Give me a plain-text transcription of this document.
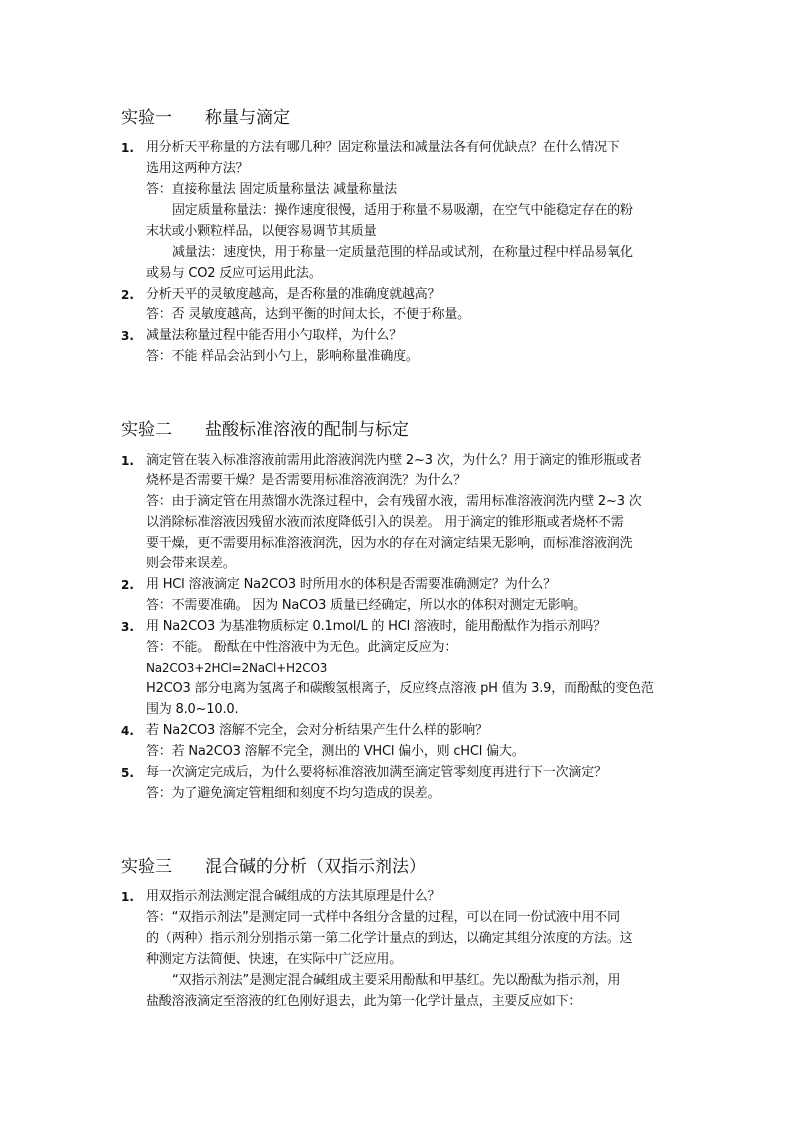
实验一 称量与滴定
1. 用分析天平称量的方法有哪几种？固定称量法和减量法各有何优缺点？在什么情况下
选用这两种方法？
答：直接称量法 固定质量称量法 减量称量法
固定质量称量法：操作速度很慢，适用于称量不易吸潮，在空气中能稳定存在的粉
末状或小颗粒样品，以便容易调节其质量
减量法：速度快，用于称量一定质量范围的样品或试剂，在称量过程中样品易氧化
或易与 CO2 反应可运用此法。
2. 分析天平的灵敏度越高，是否称量的准确度就越高？
答：否 灵敏度越高，达到平衡的时间太长，不便于称量。
3. 减量法称量过程中能否用小勺取样，为什么？
答：不能 样品会沾到小勺上，影响称量准确度。
实验二 盐酸标准溶液的配制与标定
1. 滴定管在装入标准溶液前需用此溶液润洗内壁 2~3 次，为什么？用于滴定的锥形瓶或者
烧杯是否需要干燥？是否需要用标准溶液润洗？为什么？
答：由于滴定管在用蒸馏水洗涤过程中，会有残留水液，需用标准溶液润洗内壁 2~3 次
以消除标准溶液因残留水液而浓度降低引入的误差。 用于滴定的锥形瓶或者烧杯不需
要干燥，更不需要用标准溶液润洗，因为水的存在对滴定结果无影响，而标准溶液润洗
则会带来误差。
2. 用 HCl 溶液滴定 Na2CO3 时所用水的体积是否需要准确测定？为什么？
答：不需要准确。 因为 NaCO3 质量已经确定，所以水的体积对测定无影响。
3. 用 Na2CO3 为基准物质标定 0.1mol/L 的 HCl 溶液时，能用酚酞作为指示剂吗？
答：不能。 酚酞在中性溶液中为无色。此滴定反应为：
Na2CO3+2HCl=2NaCl+H2CO3
H2CO3 部分电离为氢离子和碳酸氢根离子，反应终点溶液 pH 值为 3.9，而酚酞的变色范
围为 8.0~10.0.
4. 若 Na2CO3 溶解不完全，会对分析结果产生什么样的影响？
答：若 Na2CO3 溶解不完全，测出的 VHCl 偏小，则 cHCl 偏大。
5. 每一次滴定完成后，为什么要将标准溶液加满至滴定管零刻度再进行下一次滴定？
答：为了避免滴定管粗细和刻度不均匀造成的误差。
实验三 混合碱的分析（双指示剂法）
1. 用双指示剂法测定混合碱组成的方法其原理是什么？
答：“双指示剂法”是测定同一式样中各组分含量的过程，可以在同一份试液中用不同
的（两种）指示剂分别指示第一第二化学计量点的到达，以确定其组分浓度的方法。这
种测定方法简便、快速，在实际中广泛应用。
“双指示剂法”是测定混合碱组成主要采用酚酞和甲基红。先以酚酞为指示剂，用
盐酸溶液滴定至溶液的红色刚好退去，此为第一化学计量点，主要反应如下：
